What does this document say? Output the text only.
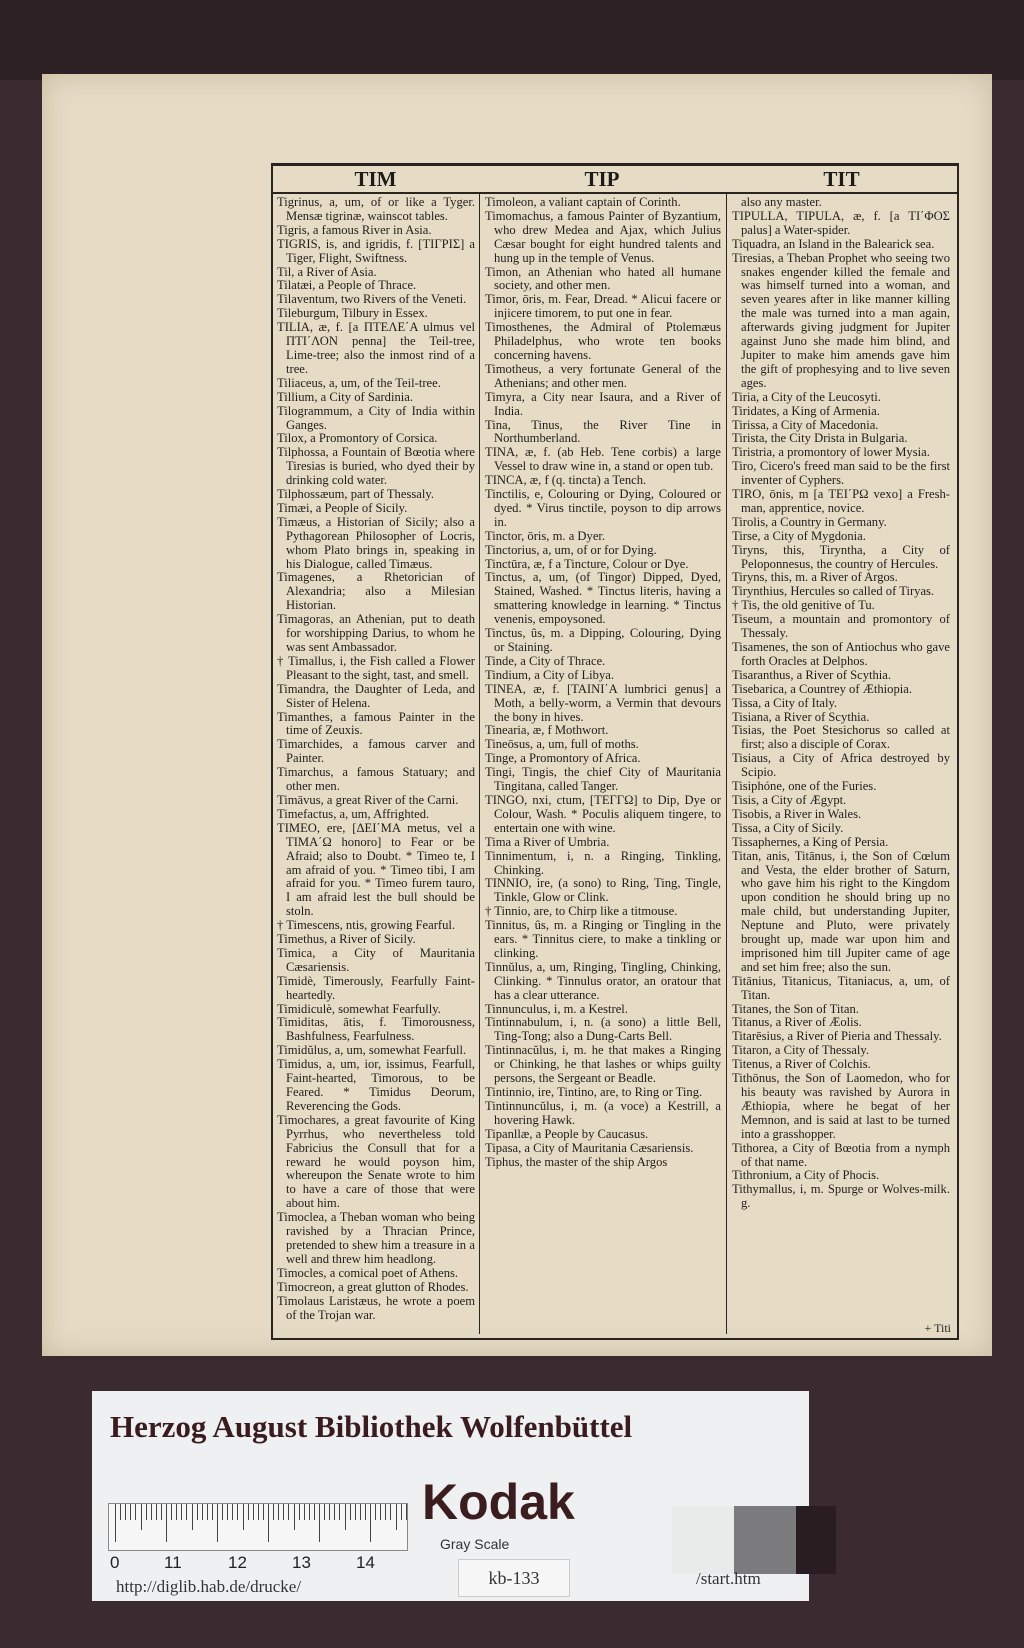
TIM	TIP	TIT

Tigrinus, a, um, of or like a Tyger. Mensæ tigrinæ, wainscot tables.

Tigris, a famous River in Asia.

TIGRIS, is, and igridis, f. [ΤΙΓΡΙΣ] a Tiger, Flight, Swiftness.

Til, a River of Asia.

Tilatæi, a People of Thrace.

Tilaventum, two Rivers of the Veneti.

Tileburgum, Tilbury in Essex.

TILIA, æ, f. [a ΠΤΕΛΕ΄Α ulmus vel ΠΤΙ΄ΛΟΝ penna] the Teil-tree, Lime-tree; also the inmost rind of a tree.

Tiliaceus, a, um, of the Teil-tree.

Tillium, a City of Sardinia.

Tilogrammum, a City of India within Ganges.

Tilox, a Promontory of Corsica.

Tilphossa, a Fountain of Bœotia where Tiresias is buried, who dyed their by drinking cold water.

Tilphossæum, part of Thessaly.

Timæi, a People of Sicily.

Timæus, a Historian of Sicily; also a Pythagorean Philosopher of Locris, whom Plato brings in, speaking in his Dialogue, called Timæus.

Timagenes, a Rhetorician of Alexandria; also a Milesian Historian.

Timagoras, an Athenian, put to death for worshipping Darius, to whom he was sent Ambassador.

† Timallus, i, the Fish called a Flower Pleasant to the sight, tast, and smell.

Timandra, the Daughter of Leda, and Sister of Helena.

Timanthes, a famous Painter in the time of Zeuxis.

Timarchides, a famous carver and Painter.

Timarchus, a famous Statuary; and other men.

Timāvus, a great River of the Carni.

Timefactus, a, um, Affrighted.

TIMEO, ere, [ΔΕΙ΄ΜΑ metus, vel a ΤΙΜΑ΄Ω honoro] to Fear or be Afraid; also to Doubt. * Timeo te, I am afraid of you. * Timeo tibi, I am afraid for you. * Timeo furem tauro, I am afraid lest the bull should be stoln.

† Timescens, ntis, growing Fearful.

Timethus, a River of Sicily.

Timica, a City of Mauritania Cæsariensis.

Timidè, Timerously, Fearfully Faint-heartedly.

Timidiculè, somewhat Fearfully.

Timiditas, ātis, f. Timorousness, Bashfulness, Fearfulness.

Timidŭlus, a, um, somewhat Fearfull.

Timidus, a, um, ior, issimus, Fearfull, Faint-hearted, Timorous, to be Feared. * Timidus Deorum, Reverencing the Gods.

Timochares, a great favourite of King Pyrrhus, who nevertheless told Fabricius the Consull that for a reward he would poyson him, whereupon the Senate wrote to him to have a care of those that were about him.

Timoclea, a Theban woman who being ravished by a Thracian Prince, pretended to shew him a treasure in a well and threw him headlong.

Timocles, a comical poet of Athens.

Timocreon, a great glutton of Rhodes.

Timolaus Laristæus, he wrote a poem of the Trojan war.

Timoleon, a valiant captain of Corinth.

Timomachus, a famous Painter of Byzantium, who drew Medea and Ajax, which Julius Cæsar bought for eight hundred talents and hung up in the temple of Venus.

Timon, an Athenian who hated all humane society, and other men.

Timor, ōris, m. Fear, Dread. * Alicui facere or injicere timorem, to put one in fear.

Timosthenes, the Admiral of Ptolemæus Philadelphus, who wrote ten books concerning havens.

Timotheus, a very fortunate General of the Athenians; and other men.

Timyra, a City near Isaura, and a River of India.

Tina, Tinus, the River Tine in Northumberland.

TINA, æ, f. (ab Heb. Tene corbis) a large Vessel to draw wine in, a stand or open tub.

TINCA, æ, f (q. tincta) a Tench.

Tinctilis, e, Colouring or Dying, Coloured or dyed. * Virus tinctile, poyson to dip arrows in.

Tinctor, ōris, m. a Dyer.

Tinctorius, a, um, of or for Dying.

Tinctūra, æ, f a Tincture, Colour or Dye.

Tinctus, a, um, (of Tingor) Dipped, Dyed, Stained, Washed. * Tinctus literis, having a smattering knowledge in learning. * Tinctus venenis, empoysoned.

Tinctus, ûs, m. a Dipping, Colouring, Dying or Staining.

Tinde, a City of Thrace.

Tindium, a City of Libya.

TINEA, æ, f. [ΤΑΙΝΙ΄Α lumbrici genus] a Moth, a belly-worm, a Vermin that devours the bony in hives.

Tinearia, æ, f Mothwort.

Tineōsus, a, um, full of moths.

Tinge, a Promontory of Africa.

Tingi, Tingis, the chief City of Mauritania Tingitana, called Tanger.

TINGO, nxi, ctum, [ΤΕΓΓΩ] to Dip, Dye or Colour, Wash. * Poculis aliquem tingere, to entertain one with wine.

Tima a River of Umbria.

Tinnimentum, i, n. a Ringing, Tinkling, Chinking.

TINNIO, ire, (a sono) to Ring, Ting, Tingle, Tinkle, Glow or Clink.

† Tinnio, are, to Chirp like a titmouse.

Tinnitus, ûs, m. a Ringing or Tingling in the ears. * Tinnitus ciere, to make a tinkling or clinking.

Tinnŭlus, a, um, Ringing, Tingling, Chinking, Clinking. * Tinnulus orator, an oratour that has a clear utterance.

Tinnunculus, i, m. a Kestrel.

Tintinnabulum, i, n. (a sono) a little Bell, Ting-Tong; also a Dung-Carts Bell.

Tintinnacŭlus, i, m. he that makes a Ringing or Chinking, he that lashes or whips guilty persons, the Sergeant or Beadle.

Tintinnio, ire, Tintino, are, to Ring or Ting.

Tintinnuncŭlus, i, m. (a voce) a Kestrill, a hovering Hawk.

Tipanllæ, a People by Caucasus.

Tipasa, a City of Mauritania Cæsariensis.

Tiphus, the master of the ship Argos

also any master.

TIPULLA, TIPULA, æ, f. [a ΤΙ΄ΦΟΣ palus] a Water-spider.

Tiquadra, an Island in the Balearick sea.

Tiresias, a Theban Prophet who seeing two snakes engender killed the female and was himself turned into a woman, and seven yeares after in like manner killing the male was turned into a man again, afterwards giving judgment for Jupiter against Juno she made him blind, and Jupiter to make him amends gave him the gift of prophesying and to live seven ages.

Tiria, a City of the Leucosyti.

Tiridates, a King of Armenia.

Tirissa, a City of Macedonia.

Tirista, the City Drista in Bulgaria.

Tiristria, a promontory of lower Mysia.

Tiro, Cicero's freed man said to be the first inventer of Cyphers.

TIRO, ōnis, m [a ΤΕΙ΄ΡΩ vexo] a Fresh-man, apprentice, novice.

Tirolis, a Country in Germany.

Tirse, a City of Mygdonia.

Tiryns, this, Tiryntha, a City of Peloponnesus, the country of Hercules.

Tiryns, this, m. a River of Argos.

Tirynthius, Hercules so called of Tiryas.

† Tis, the old genitive of Tu.

Tiseum, a mountain and promontory of Thessaly.

Tisamenes, the son of Antiochus who gave forth Oracles at Delphos.

Tisaranthus, a River of Scythia.

Tisebarica, a Countrey of Æthiopia.

Tissa, a City of Italy.

Tisiana, a River of Scythia.

Tisias, the Poet Stesichorus so called at first; also a disciple of Corax.

Tisiaus, a City of Africa destroyed by Scipio.

Tisiphóne, one of the Furies.

Tisis, a City of Ægypt.

Tisobis, a River in Wales.

Tissa, a City of Sicily.

Tissaphernes, a King of Persia.

Titan, anis, Titānus, i, the Son of Cœlum and Vesta, the elder brother of Saturn, who gave him his right to the Kingdom upon condition he should bring up no male child, but understanding Jupiter, Neptune and Pluto, were privately brought up, made war upon him and imprisoned him till Jupiter came of age and set him free; also the sun.

Titānius, Titanicus, Titaniacus, a, um, of Titan.

Titanes, the Son of Titan.

Titanus, a River of Æolis.

Titarēsius, a River of Pieria and Thessaly.

Titaron, a City of Thessaly.

Titenus, a River of Colchis.

Tithōnus, the Son of Laomedon, who for his beauty was ravished by Aurora in Æthiopia, where he begat of her Memnon, and is said at last to be turned into a grasshopper.

Tithorea, a City of Bœotia from a nymph of that name.

Tithronium, a City of Phocis.

Tithymallus, i, m. Spurge or Wolves-milk. g.

+ Titi
Herzog August Bibliothek Wolfenbüttel
0	11	12	13	14
Kodak
Gray Scale
http://diglib.hab.de/drucke/	kb-133	/start.htm
